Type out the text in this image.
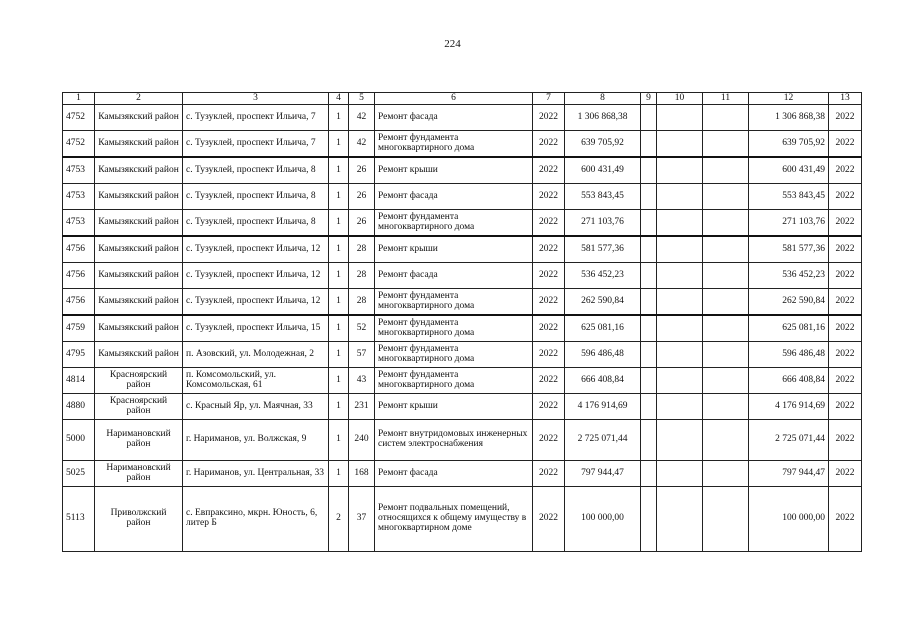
224
1	2	3	4	5	6	7	8	9	10	11	12	13
4752	Камызякский район	с. Тузуклей, проспект Ильича, 7	1	42	Ремонт фасада	2022	1 306 868,38				1 306 868,38	2022
4752	Камызякский район	с. Тузуклей, проспект Ильича, 7	1	42	Ремонт фундамента многоквартирного дома	2022	639 705,92				639 705,92	2022
4753	Камызякский район	с. Тузуклей, проспект Ильича, 8	1	26	Ремонт крыши	2022	600 431,49				600 431,49	2022
4753	Камызякский район	с. Тузуклей, проспект Ильича, 8	1	26	Ремонт фасада	2022	553 843,45				553 843,45	2022
4753	Камызякский район	с. Тузуклей, проспект Ильича, 8	1	26	Ремонт фундамента многоквартирного дома	2022	271 103,76				271 103,76	2022
4756	Камызякский район	с. Тузуклей, проспект Ильича, 12	1	28	Ремонт крыши	2022	581 577,36				581 577,36	2022
4756	Камызякский район	с. Тузуклей, проспект Ильича, 12	1	28	Ремонт фасада	2022	536 452,23				536 452,23	2022
4756	Камызякский район	с. Тузуклей, проспект Ильича, 12	1	28	Ремонт фундамента многоквартирного дома	2022	262 590,84				262 590,84	2022
4759	Камызякский район	с. Тузуклей, проспект Ильича, 15	1	52	Ремонт фундамента многоквартирного дома	2022	625 081,16				625 081,16	2022
4795	Камызякский район	п. Азовский, ул. Молодежная, 2	1	57	Ремонт фундамента многоквартирного дома	2022	596 486,48				596 486,48	2022
4814	Красноярский район	п. Комсомольский, ул. Комсомольская, 61	1	43	Ремонт фундамента многоквартирного дома	2022	666 408,84				666 408,84	2022
4880	Красноярский район	с. Красный Яр, ул. Маячная, 33	1	231	Ремонт крыши	2022	4 176 914,69				4 176 914,69	2022
5000	Наримановский район	г. Нариманов, ул. Волжская, 9	1	240	Ремонт внутридомовых инженерных систем электроснабжения	2022	2 725 071,44				2 725 071,44	2022
5025	Наримановский район	г. Нариманов, ул. Центральная, 33	1	168	Ремонт фасада	2022	797 944,47				797 944,47	2022
5113	Приволжский район	с. Евпраксино, мкрн. Юность, 6, литер Б	2	37	Ремонт подвальных помещений, относящихся к общему имуществу в многоквартирном доме	2022	100 000,00				100 000,00	2022
